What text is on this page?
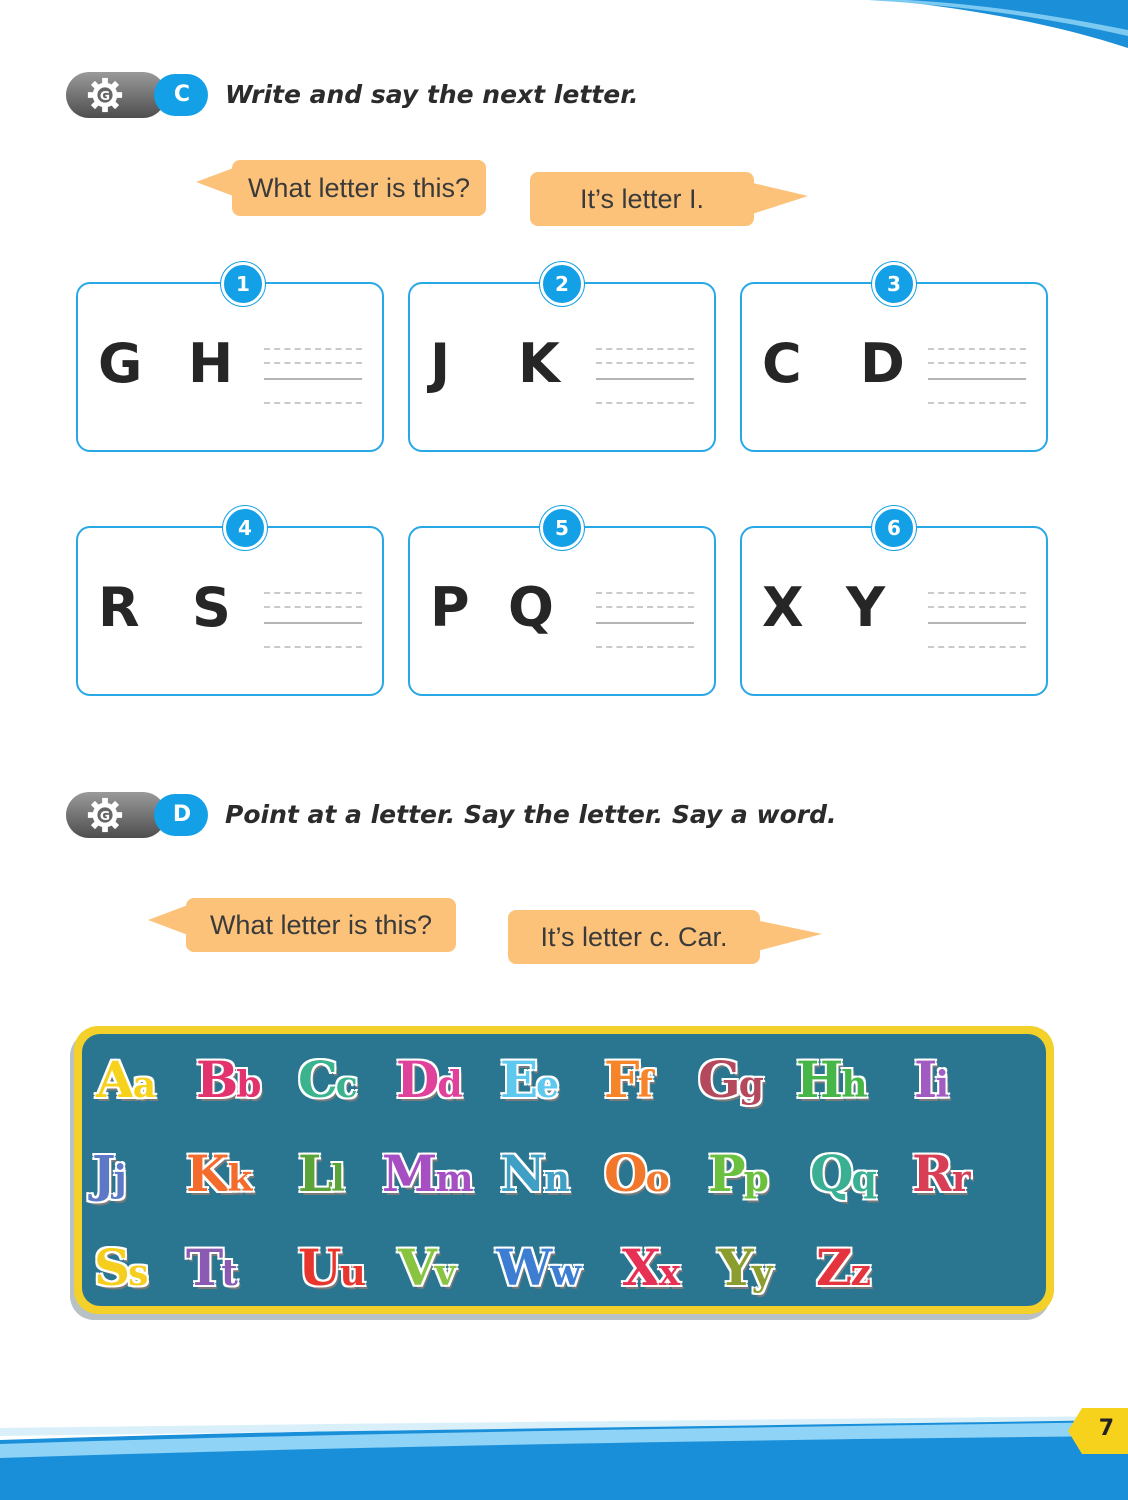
G	C	Write and say the next letter.
What letter is this?	It’s letter I.
G H
1
J K
2
C D
3
R S
4
P Q
5
X Y
6
G	D	Point at a letter. Say the letter. Say a word.
What letter is this?	It’s letter c. Car.
Aa Bb Cc Dd Ee Ff Gg Hh Ii
Jj Kk Ll Mm Nn Oo Pp Qq Rr
Ss Tt Uu Vv Ww Xx Yy Zz
7
